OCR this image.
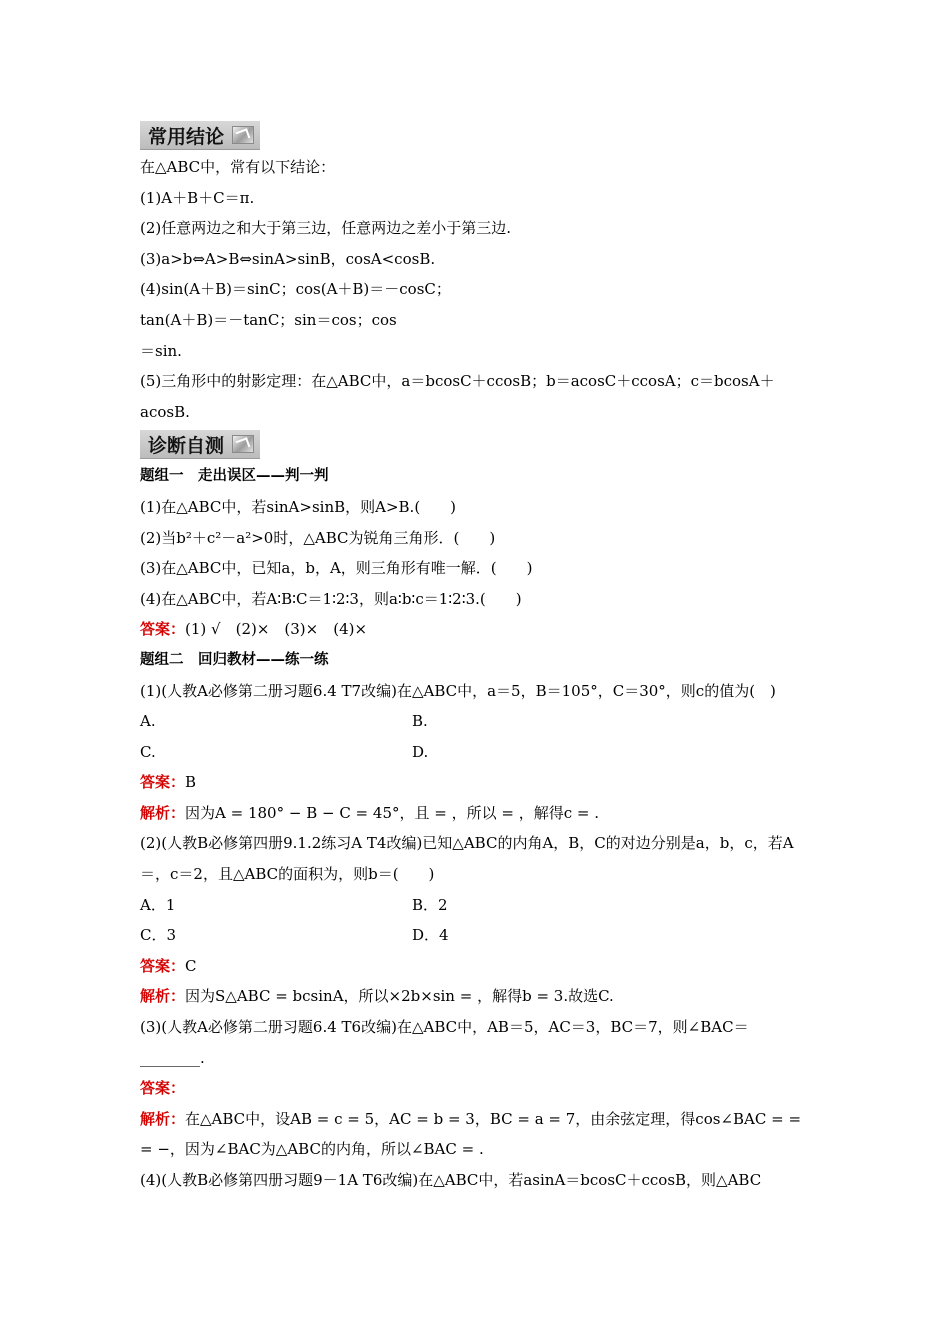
常用结论
在△ABC中，常有以下结论：
(1)A＋B＋C＝π.
(2)任意两边之和大于第三边，任意两边之差小于第三边.
(3)a>b⇔A>B⇔sinA>sinB，cosA<cosB.
(4)sin(A＋B)＝sinC；cos(A＋B)＝－cosC；
tan(A＋B)＝－tanC；sin＝cos；cos
＝sin.
(5)三角形中的射影定理：在△ABC中，a＝bcosC＋ccosB；b＝acosC＋ccosA；c＝bcosA＋acosB.
诊断自测
题组一　走出误区——判一判
(1)在△ABC中，若sinA>sinB，则A>B.(　　)
(2)当b²＋c²－a²>0时，△ABC为锐角三角形．(　　)
(3)在△ABC中，已知a，b，A，则三角形有唯一解．(　　)
(4)在△ABC中，若A∶B∶C＝1∶2∶3，则a∶b∶c＝1∶2∶3.(　　)
答案：(1) √　(2)×　(3)×　(4)×
题组二　回归教材——练一练
(1)(人教A必修第二册习题6.4 T7改编)在△ABC中，a＝5，B＝105°，C＝30°，则c的值为(　)
A.	B.
C.	D.
答案：B
解析：因为A = 180° − B − C = 45°，且 = ，所以 = ，解得c = .
(2)(人教B必修第四册9.1.2练习A T4改编)已知△ABC的内角A，B，C的对边分别是a，b，c，若A＝，c＝2，且△ABC的面积为，则b＝(　　)
A．1	B．2
C．3	D．4
答案：C
解析：因为S△ABC = bcsinA，所以×2b×sin = ，解得b = 3.故选C.
(3)(人教A必修第二册习题6.4 T6改编)在△ABC中，AB＝5，AC＝3，BC＝7，则∠BAC＝________.
答案：
解析：在△ABC中，设AB = c = 5，AC = b = 3，BC = a = 7，由余弦定理，得cos∠BAC = = = −，因为∠BAC为△ABC的内角，所以∠BAC = .
(4)(人教B必修第四册习题9－1A T6改编)在△ABC中，若asinA＝bcosC＋ccosB，则△ABC
